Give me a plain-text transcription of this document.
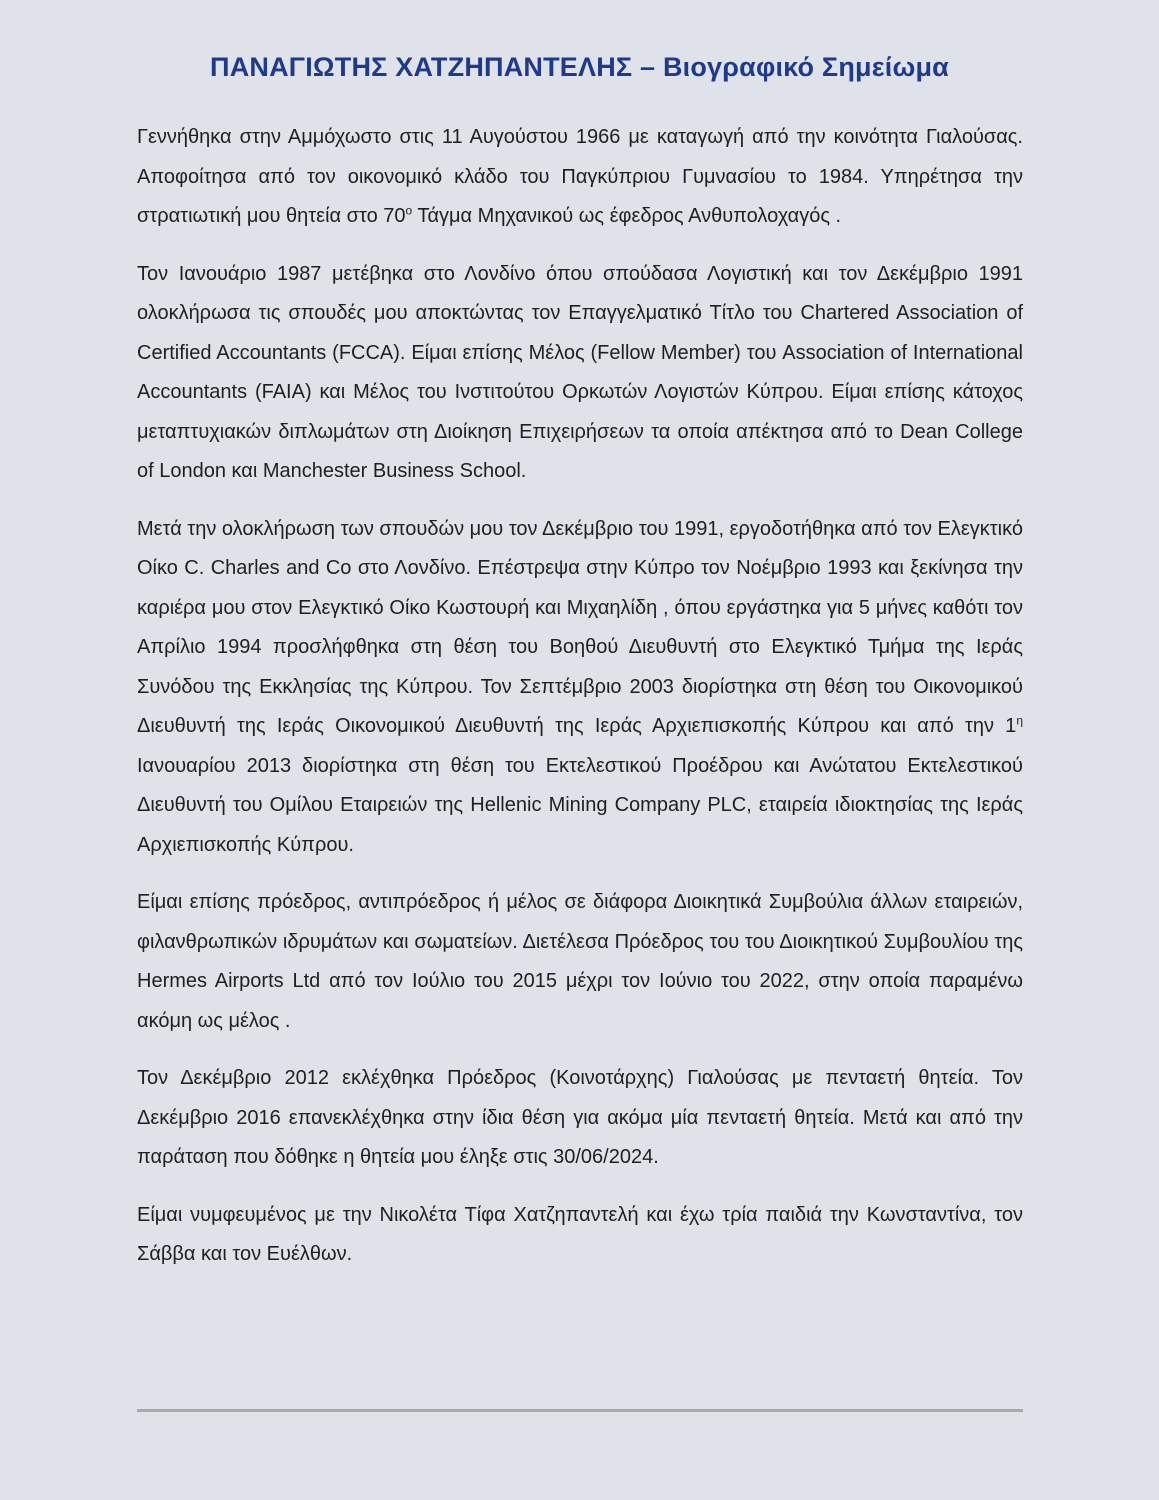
ΠΑΝΑΓΙΩΤΗΣ ΧΑΤΖΗΠΑΝΤΕΛΗΣ – Βιογραφικό Σημείωμα

Γεννήθηκα στην Αμμόχωστο στις 11 Αυγούστου 1966 με καταγωγή από την κοινότητα Γιαλούσας. Αποφοίτησα από τον οικονομικό κλάδο του Παγκύπριου Γυμνασίου το 1984. Υπηρέτησα την στρατιωτική μου θητεία στο $70^o$ Τάγμα Μηχανικού ως έφεδρος Ανθυπολοχαγός .

Τον Ιανουάριο 1987 μετέβηκα στο Λονδίνο όπου σπούδασα Λογιστική και τον Δεκέμβριο 1991 ολοκλήρωσα τις σπουδές μου αποκτώντας τον Επαγγελματικό Τίτλο του Chartered Association of Certified Accountants (FCCA). Είμαι επίσης Μέλος (Fellow Member) του Association of International Accountants (FAIA) και Μέλος του Ινστιτούτου Ορκωτών Λογιστών Κύπρου. Είμαι επίσης κάτοχος μεταπτυχιακών διπλωμάτων στη Διοίκηση Επιχειρήσεων τα οποία απέκτησα από το Dean College of London και Manchester Business School.

Μετά την ολοκλήρωση των σπουδών μου τον Δεκέμβριο του 1991, εργοδοτήθηκα από τον Ελεγκτικό Οίκο C. Charles and Co στο Λονδίνο. Επέστρεψα στην Κύπρο τον Νοέμβριο 1993 και ξεκίνησα την καριέρα μου στον Ελεγκτικό Οίκο Κωστουρή και Μιχαηλίδη , όπου εργάστηκα για 5 μήνες καθότι τον Απρίλιο 1994 προσλήφθηκα στη θέση του Βοηθού Διευθυντή στο Ελεγκτικό Τμήμα της Ιεράς Συνόδου της Εκκλησίας της Κύπρου. Τον Σεπτέμβριο 2003 διορίστηκα στη θέση του Οικονομικού Διευθυντή της Ιεράς Οικονομικού Διευθυντή της Ιεράς Αρχιεπισκοπής Κύπρου και από την $1^\eta$ Ιανουαρίου 2013 διορίστηκα στη θέση του Εκτελεστικού Προέδρου και Ανώτατου Εκτελεστικού Διευθυντή του Ομίλου Εταιρειών της Hellenic Mining Company PLC, εταιρεία ιδιοκτησίας της Ιεράς Αρχιεπισκοπής Κύπρου.

Είμαι επίσης πρόεδρος, αντιπρόεδρος ή μέλος σε διάφορα Διοικητικά Συμβούλια άλλων εταιρειών, φιλανθρωπικών ιδρυμάτων και σωματείων. Διετέλεσα Πρόεδρος του του Διοικητικού Συμβουλίου της Hermes Airports Ltd από τον Ιούλιο του 2015 μέχρι τον Ιούνιο του 2022, στην οποία παραμένω ακόμη ως μέλος .

Τον Δεκέμβριο 2012 εκλέχθηκα Πρόεδρος (Κοινοτάρχης) Γιαλούσας με πενταετή θητεία. Τον Δεκέμβριο 2016 επανεκλέχθηκα στην ίδια θέση για ακόμα μία πενταετή θητεία. Μετά και από την παράταση που δόθηκε η θητεία μου έληξε στις 30/06/2024.

Είμαι νυμφευμένος με την Νικολέτα Τίφα Χατζηπαντελή και έχω τρία παιδιά την Κωνσταντίνα, τον Σάββα και τον Ευέλθων.
